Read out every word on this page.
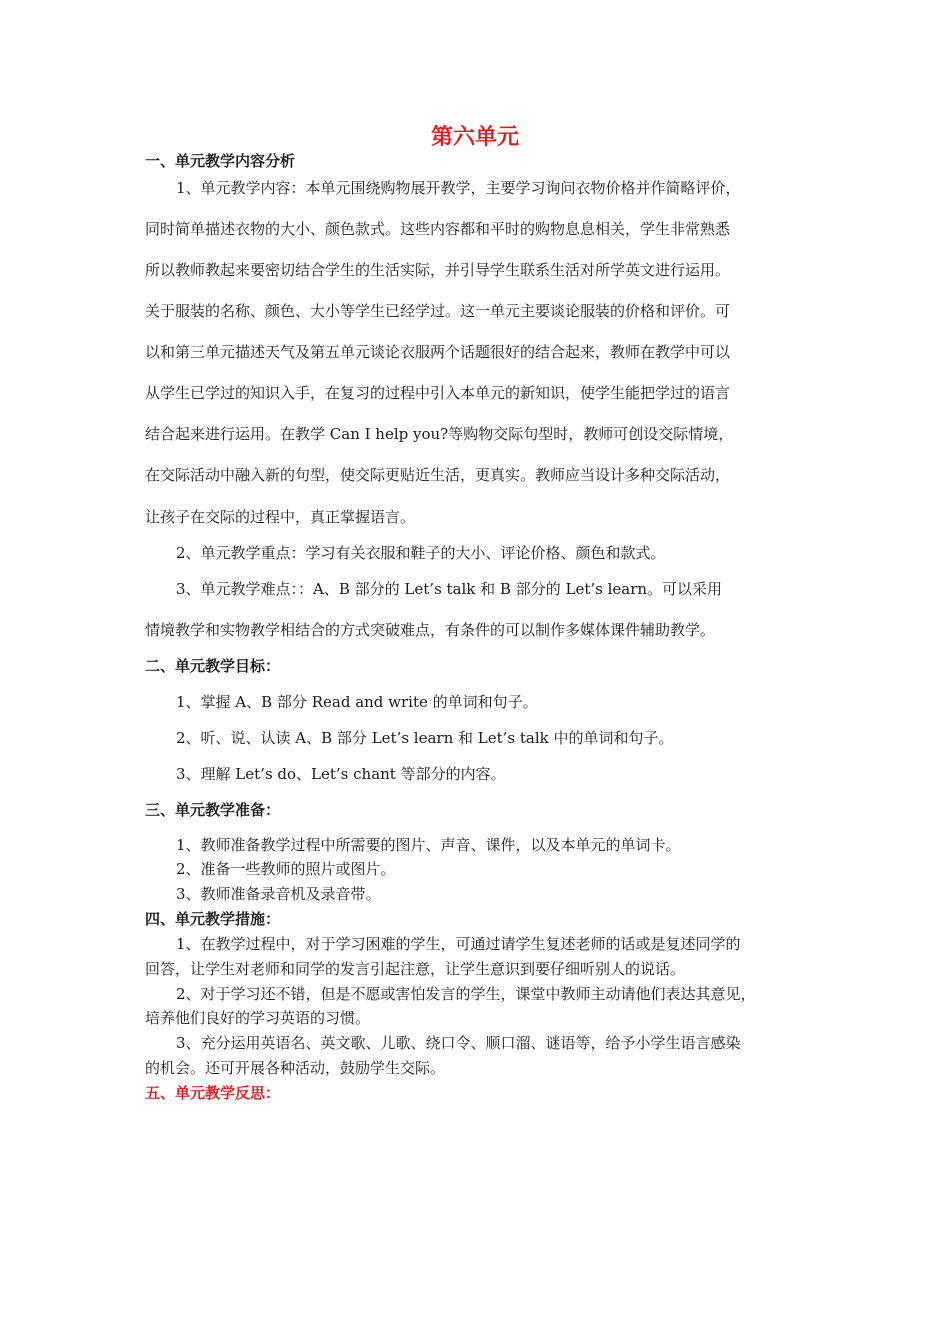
第六单元
一、单元教学内容分析
1、单元教学内容：本单元围绕购物展开教学，主要学习询问衣物价格并作简略评价，
同时简单描述衣物的大小、颜色款式。这些内容都和平时的购物息息相关，学生非常熟悉
所以教师教起来要密切结合学生的生活实际，并引导学生联系生活对所学英文进行运用。
关于服装的名称、颜色、大小等学生已经学过。这一单元主要谈论服装的价格和评价。可
以和第三单元描述天气及第五单元谈论衣服两个话题很好的结合起来，教师在教学中可以
从学生已学过的知识入手，在复习的过程中引入本单元的新知识，使学生能把学过的语言
结合起来进行运用。在教学 Can I help you?等购物交际句型时，教师可创设交际情境，
在交际活动中融入新的句型，使交际更贴近生活，更真实。教师应当设计多种交际活动，
让孩子在交际的过程中，真正掌握语言。
2、单元教学重点：学习有关衣服和鞋子的大小、评论价格、颜色和款式。
3、单元教学难点：：A、B 部分的 Let’s talk 和 B 部分的 Let’s learn。可以采用
情境教学和实物教学相结合的方式突破难点，有条件的可以制作多媒体课件辅助教学。
二、单元教学目标：
1、掌握 A、B 部分 Read and write 的单词和句子。
2、听、说、认读 A、B 部分 Let’s learn 和 Let’s talk 中的单词和句子。
3、理解 Let’s do、Let’s chant 等部分的内容。
三、单元教学准备：
1、教师准备教学过程中所需要的图片、声音、课件，以及本单元的单词卡。
2、准备一些教师的照片或图片。
3、教师准备录音机及录音带。
四、单元教学措施：
1、在教学过程中，对于学习困难的学生，可通过请学生复述老师的话或是复述同学的
回答，让学生对老师和同学的发言引起注意，让学生意识到要仔细听别人的说话。
2、对于学习还不错，但是不愿或害怕发言的学生，课堂中教师主动请他们表达其意见，
培养他们良好的学习英语的习惯。
3、充分运用英语名、英文歌、儿歌、绕口令、顺口溜、谜语等，给予小学生语言感染
的机会。还可开展各种活动，鼓励学生交际。
五、单元教学反思：
